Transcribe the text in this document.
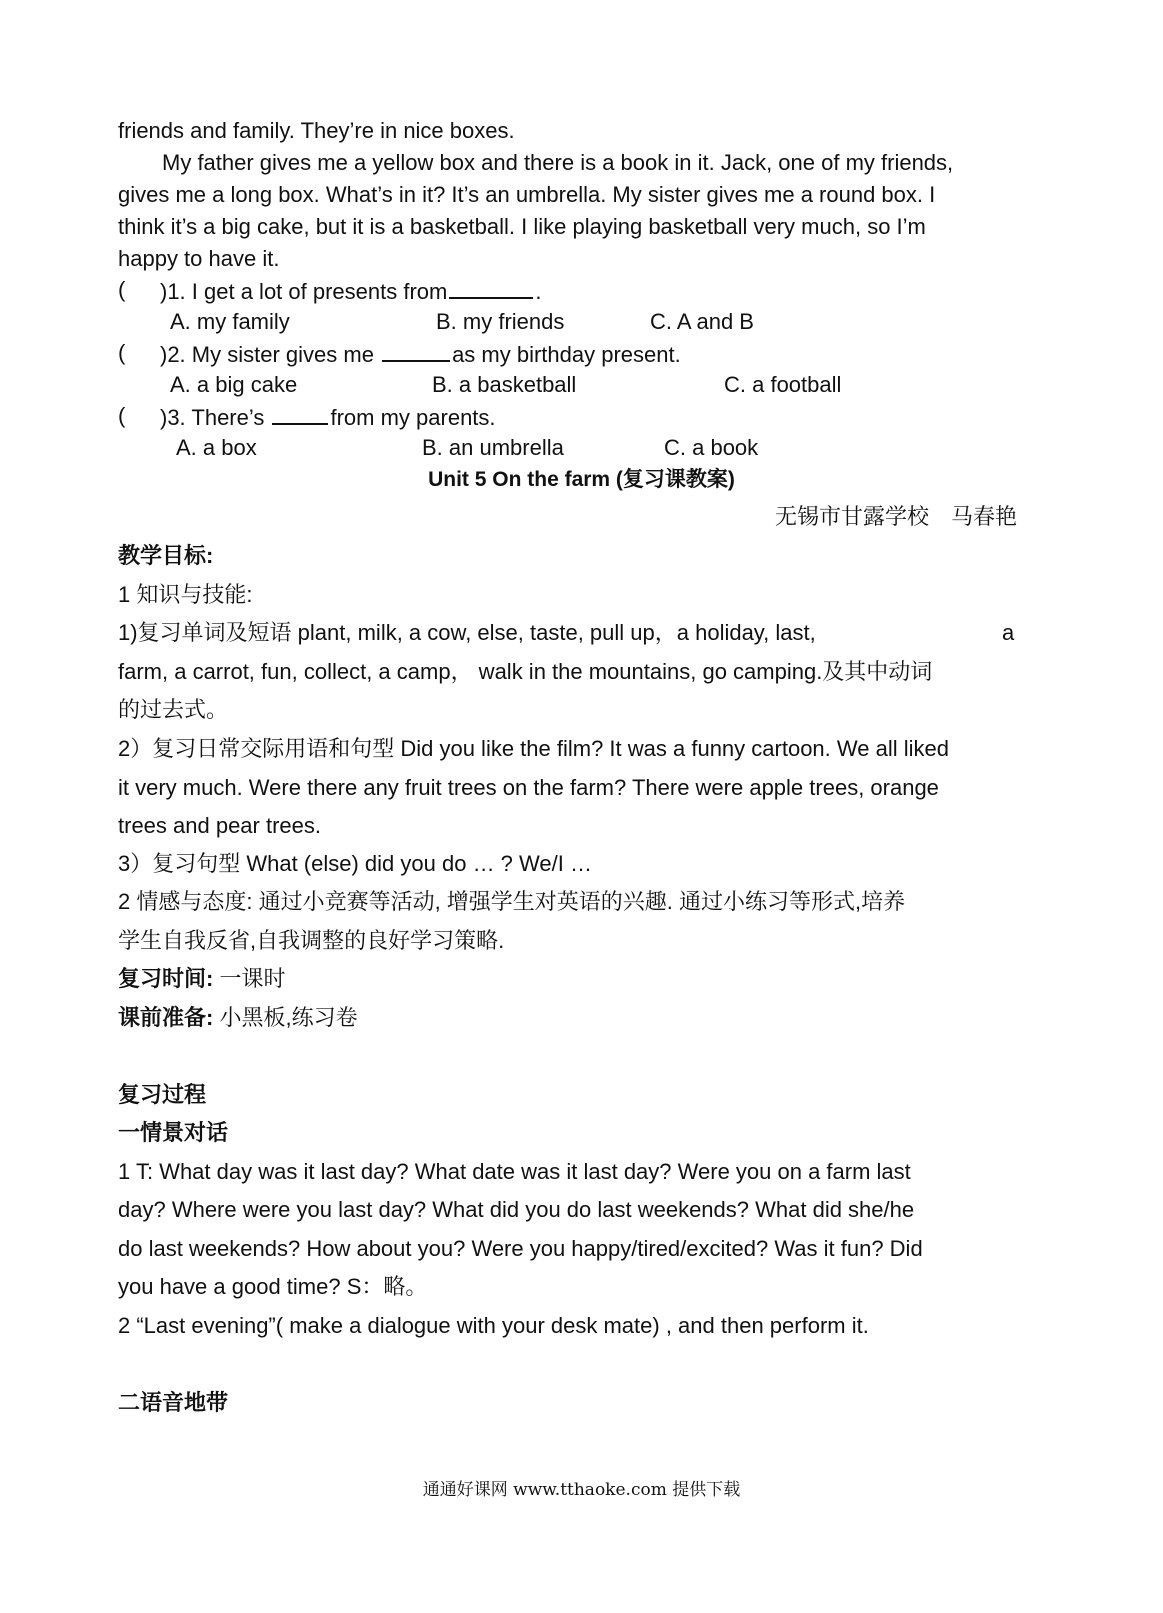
friends and family. They’re in nice boxes.
My father gives me a yellow box and there is a book in it. Jack, one of my friends,
gives me a long box. What’s in it? It’s an umbrella. My sister gives me a round box. I
think it’s a big cake, but it is a basketball. I like playing basketball very much, so I’m
happy to have it.
( )1. I get a lot of presents from	.
A. my family	B. my friends	C. A and B
( )2. My sister gives me	as my birthday present.
A. a big cake	B. a basketball	C. a football
( )3. There’s	from my parents.
A. a box	B. an umbrella	C. a book
Unit 5 On the farm (复习课教案)
无锡市甘露学校　马春艳
教学目标:
1 知识与技能:
1)复习单词及短语 plant, milk, a cow, else, taste, pull up，a holiday, last,	a
farm, a carrot, fun, collect, a camp， walk in the mountains, go camping.及其中动词
的过去式。
2）复习日常交际用语和句型 Did you like the film? It was a funny cartoon. We all liked
it very much. Were there any fruit trees on the farm? There were apple trees, orange
trees and pear trees.
3）复习句型 What (else) did you do … ? We/I …
2 情感与态度: 通过小竞赛等活动, 增强学生对英语的兴趣. 通过小练习等形式,培养
学生自我反省,自我调整的良好学习策略.
复习时间: 一课时
课前准备: 小黑板,练习卷
复习过程
一情景对话
1 T: What day was it last day? What date was it last day? Were you on a farm last
day? Where were you last day? What did you do last weekends? What did she/he
do last weekends? How about you? Were you happy/tired/excited? Was it fun? Did
you have a good time? S：略。
2 “Last evening”( make a dialogue with your desk mate) , and then perform it.
二语音地带
通通好课网 www.tthaoke.com 提供下载
